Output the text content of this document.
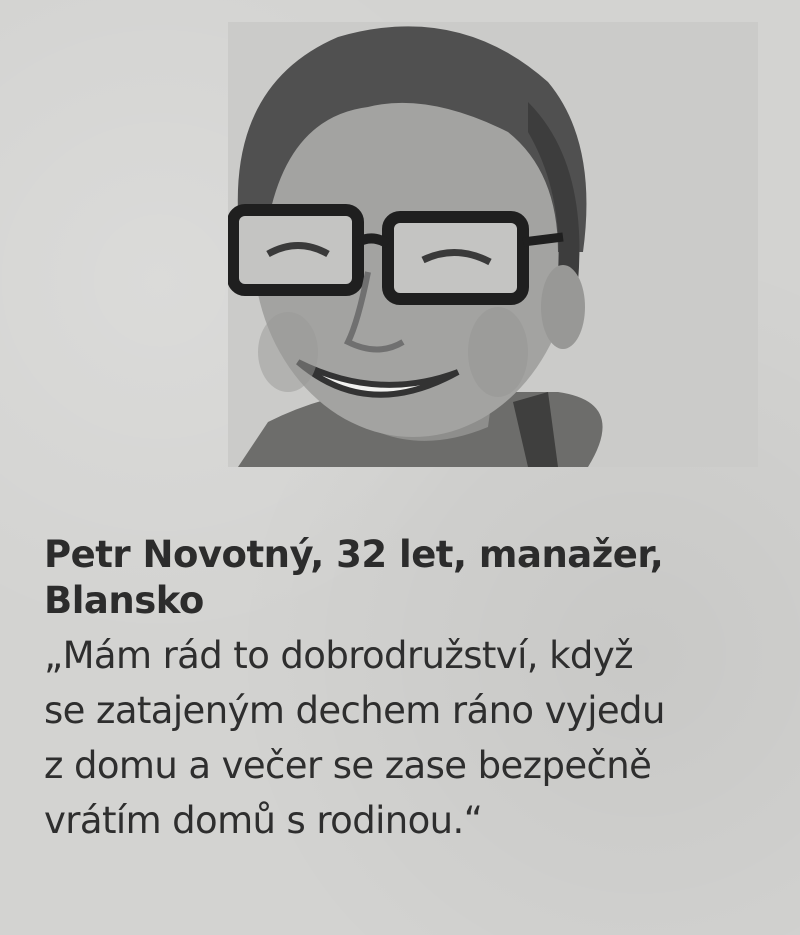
Petr Novotný, 32 let, manažer,

Blansko

„Mám rád to dobrodružství, když
se zatajeným dechem ráno vyjedu
z domu a večer se zase bezpečně
vrátím domů s rodinou.“
